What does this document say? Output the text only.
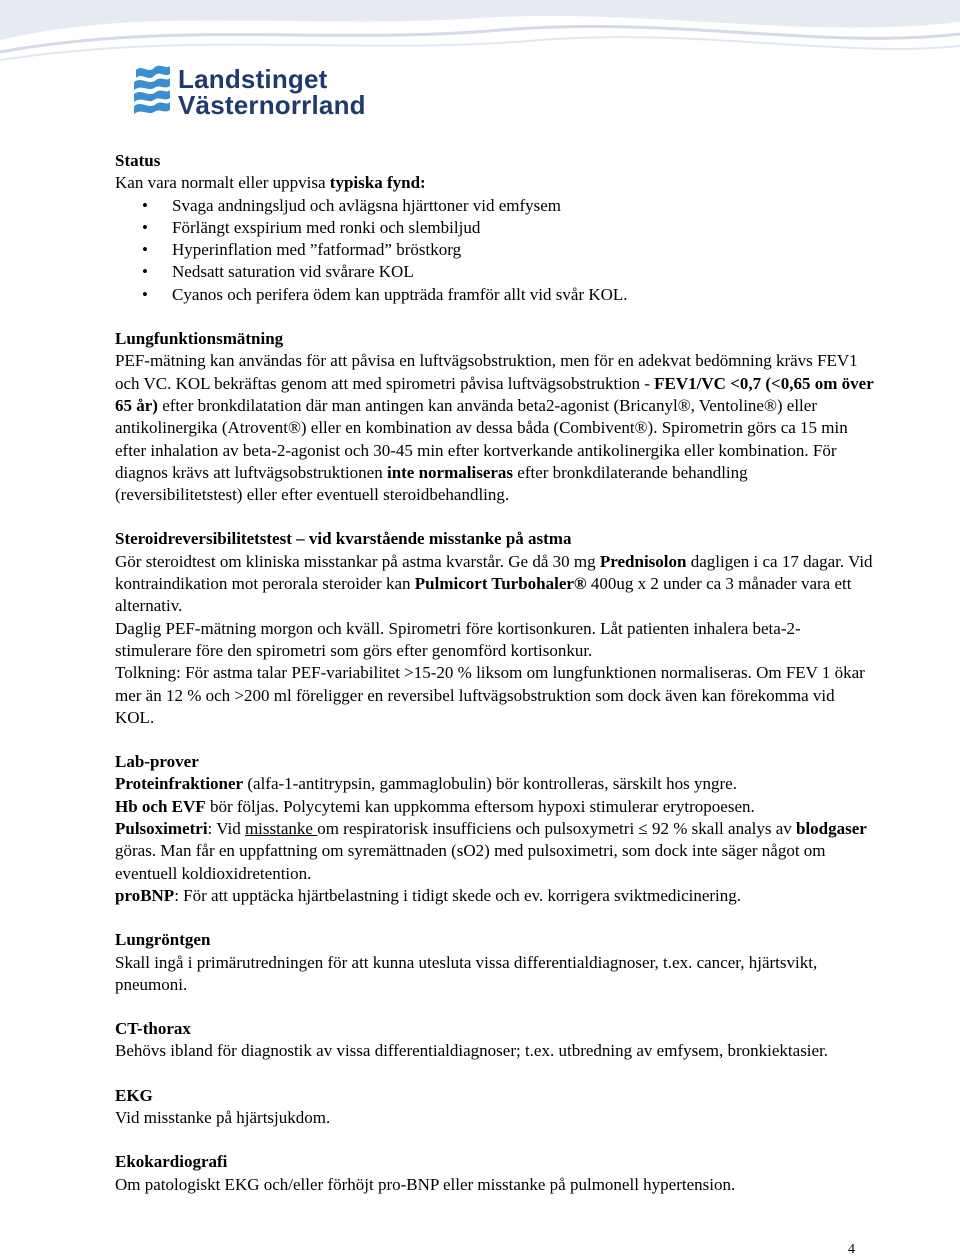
Landstinget
Västernorrland
Status

Kan vara normalt eller uppvisa typiska fynd:

• Svaga andningsljud och avlägsna hjärttoner vid emfysem
• Förlängt exspirium med ronki och slembiljud
• Hyperinflation med ”fatformad” bröstkorg
• Nedsatt saturation vid svårare KOL
• Cyanos och perifera ödem kan uppträda framför allt vid svår KOL.
Lungfunktionsmätning

PEF-mätning kan användas för att påvisa en luftvägsobstruktion, men för en adekvat bedömning krävs FEV1 och VC. KOL bekräftas genom att med spirometri påvisa luftvägsobstruktion - FEV1/VC <0,7 (<0,65 om över 65 år) efter bronkdilatation där man antingen kan använda beta2-agonist (Bricanyl®, Ventoline®) eller antikolinergika (Atrovent®) eller en kombination av dessa båda (Combivent®). Spirometrin görs ca 15 min efter inhalation av beta-2-agonist och 30-45 min efter kortverkande antikolinergika eller kombination. För diagnos krävs att luftvägsobstruktionen inte normaliseras efter bronkdilaterande behandling (reversibilitetstest) eller efter eventuell steroidbehandling.

Steroidreversibilitetstest – vid kvarstående misstanke på astma

Gör steroidtest om kliniska misstankar på astma kvarstår. Ge då 30 mg Prednisolon dagligen i ca 17 dagar. Vid kontraindikation mot perorala steroider kan Pulmicort Turbohaler® 400ug x 2 under ca 3 månader vara ett alternativ.

Daglig PEF-mätning morgon och kväll. Spirometri före kortisonkuren. Låt patienten inhalera beta-2-stimulerare före den spirometri som görs efter genomförd kortisonkur.

Tolkning: För astma talar PEF-variabilitet >15-20 % liksom om lungfunktionen normaliseras. Om FEV 1 ökar mer än 12 % och >200 ml föreligger en reversibel luftvägsobstruktion som dock även kan förekomma vid KOL.

Lab-prover

Proteinfraktioner (alfa-1-antitrypsin, gammaglobulin) bör kontrolleras, särskilt hos yngre.

Hb och EVF bör följas. Polycytemi kan uppkomma eftersom hypoxi stimulerar erytropoesen.

Pulsoximetri: Vid misstanke om respiratorisk insufficiens och pulsoxymetri ≤ 92 % skall analys av blodgaser göras. Man får en uppfattning om syremättnaden (sO2) med pulsoximetri, som dock inte säger något om eventuell koldioxidretention.

proBNP: För att upptäcka hjärtbelastning i tidigt skede och ev. korrigera sviktmedicinering.

Lungröntgen

Skall ingå i primärutredningen för att kunna utesluta vissa differentialdiagnoser, t.ex. cancer, hjärtsvikt, pneumoni.

CT-thorax

Behövs ibland för diagnostik av vissa differentialdiagnoser; t.ex. utbredning av emfysem, bronkiektasier.

EKG

Vid misstanke på hjärtsjukdom.

Ekokardiografi

Om patologiskt EKG och/eller förhöjt pro-BNP eller misstanke på pulmonell hypertension.

4
